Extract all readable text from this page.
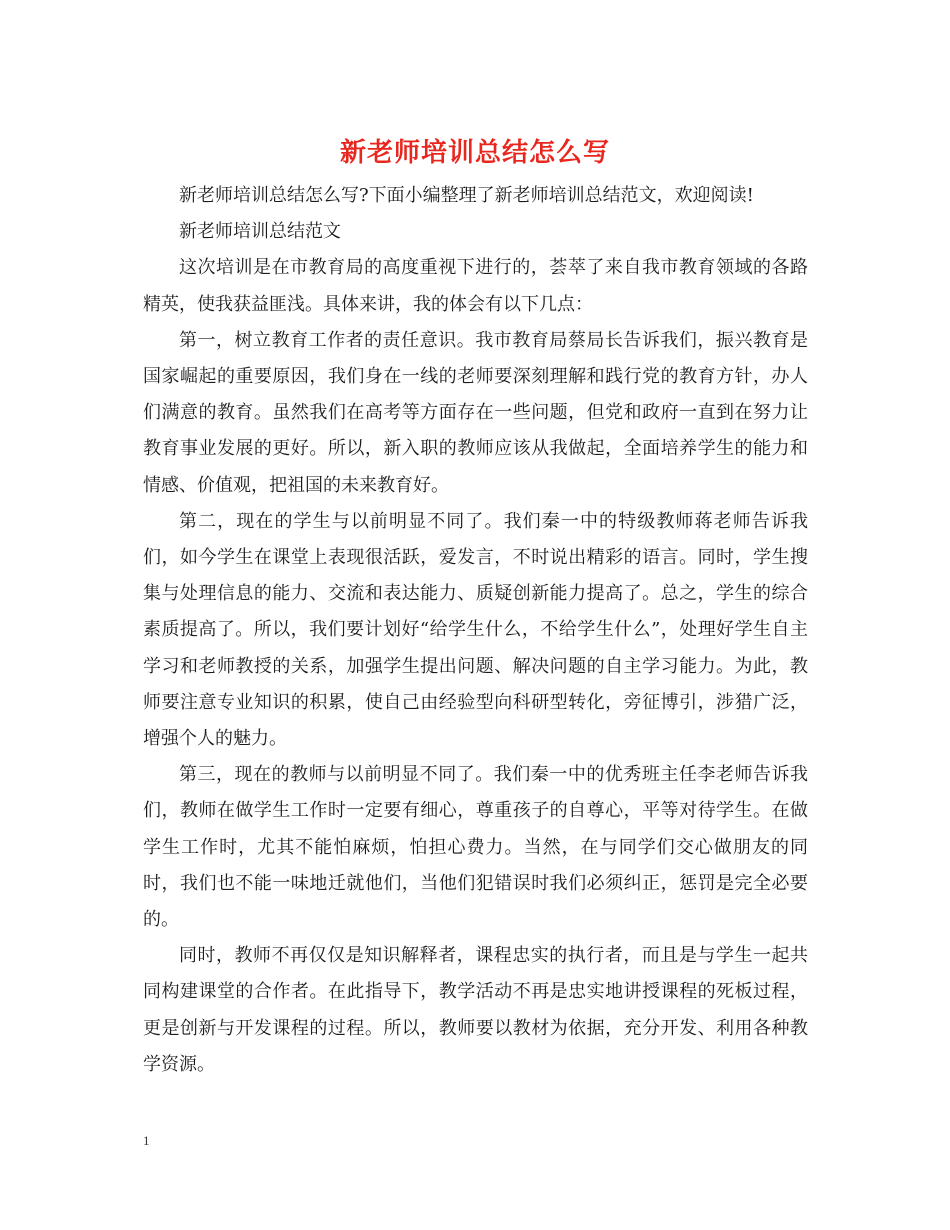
新老师培训总结怎么写

新老师培训总结怎么写?下面小编整理了新老师培训总结范文，欢迎阅读!

新老师培训总结范文

这次培训是在市教育局的高度重视下进行的，荟萃了来自我市教育领域的各路精英，使我获益匪浅。具体来讲，我的体会有以下几点：

第一，树立教育工作者的责任意识。我市教育局蔡局长告诉我们，振兴教育是国家崛起的重要原因，我们身在一线的老师要深刻理解和践行党的教育方针，办人们满意的教育。虽然我们在高考等方面存在一些问题，但党和政府一直到在努力让教育事业发展的更好。所以，新入职的教师应该从我做起，全面培养学生的能力和情感、价值观，把祖国的未来教育好。

第二，现在的学生与以前明显不同了。我们秦一中的特级教师蒋老师告诉我们，如今学生在课堂上表现很活跃，爱发言，不时说出精彩的语言。同时，学生搜集与处理信息的能力、交流和表达能力、质疑创新能力提高了。总之，学生的综合素质提高了。所以，我们要计划好“给学生什么，不给学生什么”，处理好学生自主学习和老师教授的关系，加强学生提出问题、解决问题的自主学习能力。为此，教师要注意专业知识的积累，使自己由经验型向科研型转化，旁征博引，涉猎广泛，增强个人的魅力。

第三，现在的教师与以前明显不同了。我们秦一中的优秀班主任李老师告诉我们，教师在做学生工作时一定要有细心，尊重孩子的自尊心，平等对待学生。在做学生工作时，尤其不能怕麻烦，怕担心费力。当然，在与同学们交心做朋友的同时，我们也不能一味地迁就他们，当他们犯错误时我们必须纠正，惩罚是完全必要的。

同时，教师不再仅仅是知识解释者，课程忠实的执行者，而且是与学生一起共同构建课堂的合作者。在此指导下，教学活动不再是忠实地讲授课程的死板过程，更是创新与开发课程的过程。所以，教师要以教材为依据，充分开发、利用各种教学资源。

1
